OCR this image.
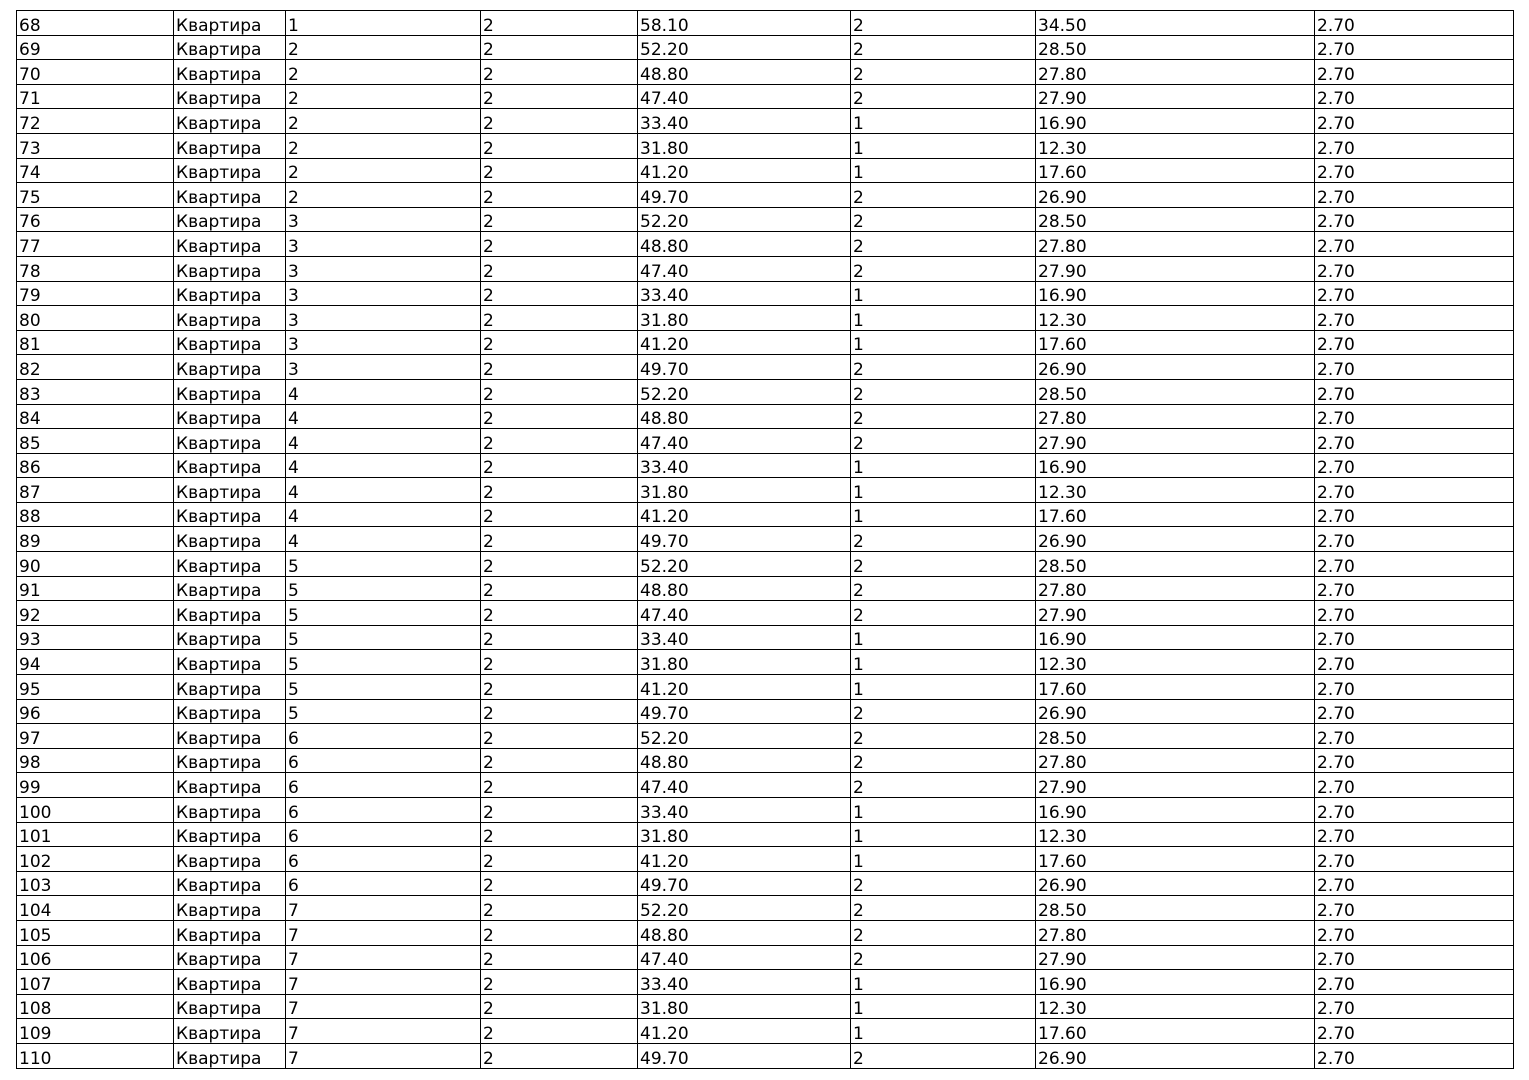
68	Квартира	1	2	58.10	2	34.50	2.70
69	Квартира	2	2	52.20	2	28.50	2.70
70	Квартира	2	2	48.80	2	27.80	2.70
71	Квартира	2	2	47.40	2	27.90	2.70
72	Квартира	2	2	33.40	1	16.90	2.70
73	Квартира	2	2	31.80	1	12.30	2.70
74	Квартира	2	2	41.20	1	17.60	2.70
75	Квартира	2	2	49.70	2	26.90	2.70
76	Квартира	3	2	52.20	2	28.50	2.70
77	Квартира	3	2	48.80	2	27.80	2.70
78	Квартира	3	2	47.40	2	27.90	2.70
79	Квартира	3	2	33.40	1	16.90	2.70
80	Квартира	3	2	31.80	1	12.30	2.70
81	Квартира	3	2	41.20	1	17.60	2.70
82	Квартира	3	2	49.70	2	26.90	2.70
83	Квартира	4	2	52.20	2	28.50	2.70
84	Квартира	4	2	48.80	2	27.80	2.70
85	Квартира	4	2	47.40	2	27.90	2.70
86	Квартира	4	2	33.40	1	16.90	2.70
87	Квартира	4	2	31.80	1	12.30	2.70
88	Квартира	4	2	41.20	1	17.60	2.70
89	Квартира	4	2	49.70	2	26.90	2.70
90	Квартира	5	2	52.20	2	28.50	2.70
91	Квартира	5	2	48.80	2	27.80	2.70
92	Квартира	5	2	47.40	2	27.90	2.70
93	Квартира	5	2	33.40	1	16.90	2.70
94	Квартира	5	2	31.80	1	12.30	2.70
95	Квартира	5	2	41.20	1	17.60	2.70
96	Квартира	5	2	49.70	2	26.90	2.70
97	Квартира	6	2	52.20	2	28.50	2.70
98	Квартира	6	2	48.80	2	27.80	2.70
99	Квартира	6	2	47.40	2	27.90	2.70
100	Квартира	6	2	33.40	1	16.90	2.70
101	Квартира	6	2	31.80	1	12.30	2.70
102	Квартира	6	2	41.20	1	17.60	2.70
103	Квартира	6	2	49.70	2	26.90	2.70
104	Квартира	7	2	52.20	2	28.50	2.70
105	Квартира	7	2	48.80	2	27.80	2.70
106	Квартира	7	2	47.40	2	27.90	2.70
107	Квартира	7	2	33.40	1	16.90	2.70
108	Квартира	7	2	31.80	1	12.30	2.70
109	Квартира	7	2	41.20	1	17.60	2.70
110	Квартира	7	2	49.70	2	26.90	2.70
